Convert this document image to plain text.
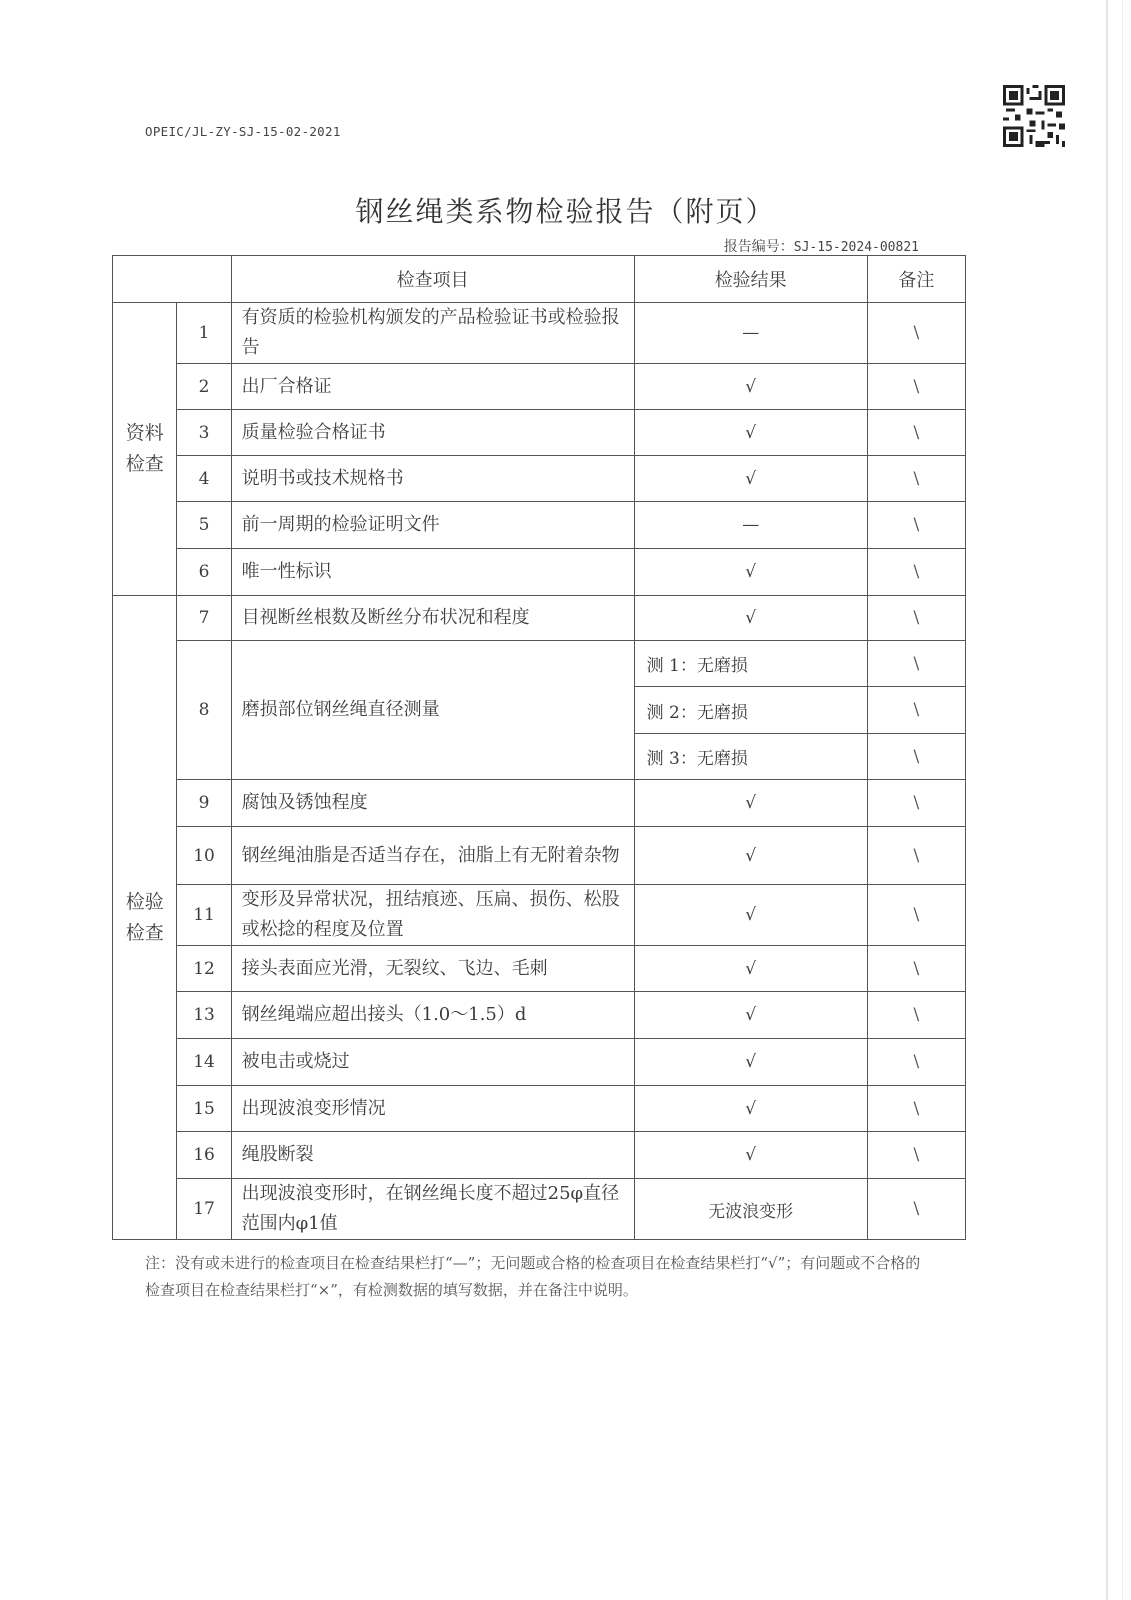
OPEIC/JL-ZY-SJ-15-02-2021
钢丝绳类系物检验报告（附页）
报告编号：SJ-15-2024-00821
		检查项目	检验结果	备注

资料检查	1	有资质的检验机构颁发的产品检验证书或检验报告	—	\
	2	出厂合格证	√	\
	3	质量检验合格证书	√	\
	4	说明书或技术规格书	√	\
	5	前一周期的检验证明文件	—	\
	6	唯一性标识	√	\

检验检查	7	目视断丝根数及断丝分布状况和程度	√	\
	8	磨损部位钢丝绳直径测量	测 1：无磨损	\
			测 2：无磨损	\
			测 3：无磨损	\
	9	腐蚀及锈蚀程度	√	\
	10	钢丝绳油脂是否适当存在，油脂上有无附着杂物	√	\
	11	变形及异常状况，扭结痕迹、压扁、损伤、松股或松捻的程度及位置	√	\
	12	接头表面应光滑，无裂纹、飞边、毛刺	√	\
	13	钢丝绳端应超出接头（1.0～1.5）d	√	\
	14	被电击或烧过	√	\
	15	出现波浪变形情况	√	\
	16	绳股断裂	√	\
	17	出现波浪变形时，在钢丝绳长度不超过25φ直径范围内φ1值	无波浪变形	\
注：没有或未进行的检查项目在检查结果栏打“—”；无问题或合格的检查项目在检查结果栏打“√”；有问题或不合格的检查项目在检查结果栏打“×”，有检测数据的填写数据，并在备注中说明。
